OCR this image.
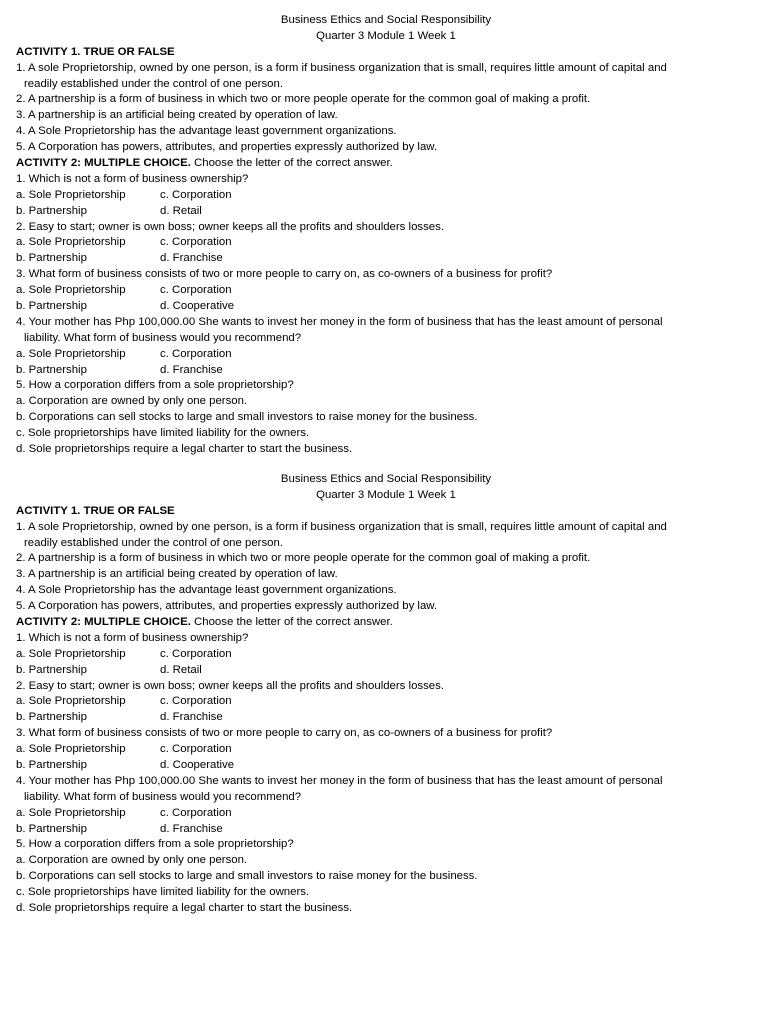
Business Ethics and Social Responsibility
Quarter 3 Module 1 Week 1
ACTIVITY 1. TRUE OR FALSE
1. A sole Proprietorship, owned by one person, is a form if business organization that is small, requires little amount of capital and
readily established under the control of one person.
2. A partnership is a form of business in which two or more people operate for the common goal of making a profit.
3. A partnership is an artificial being created by operation of law.
4. A Sole Proprietorship has the advantage least government organizations.
5. A Corporation has powers, attributes, and properties expressly authorized by law.
ACTIVITY 2: MULTIPLE CHOICE. Choose the letter of the correct answer.
1. Which is not a form of business ownership?
a. Sole Proprietorship	c. Corporation
b. Partnership	d. Retail
2. Easy to start; owner is own boss; owner keeps all the profits and shoulders losses.
a. Sole Proprietorship	c. Corporation
b. Partnership	d. Franchise
3. What form of business consists of two or more people to carry on, as co-owners of a business for profit?
a. Sole Proprietorship	c. Corporation
b. Partnership	d. Cooperative
4. Your mother has Php 100,000.00 She wants to invest her money in the form of business that has the least amount of personal
liability. What form of business would you recommend?
a. Sole Proprietorship	c. Corporation
b. Partnership	d. Franchise
5. How a corporation differs from a sole proprietorship?
a. Corporation are owned by only one person.
b. Corporations can sell stocks to large and small investors to raise money for the business.
c. Sole proprietorships have limited liability for the owners.
d. Sole proprietorships require a legal charter to start the business.
Business Ethics and Social Responsibility
Quarter 3 Module 1 Week 1
ACTIVITY 1. TRUE OR FALSE
1. A sole Proprietorship, owned by one person, is a form if business organization that is small, requires little amount of capital and
readily established under the control of one person.
2. A partnership is a form of business in which two or more people operate for the common goal of making a profit.
3. A partnership is an artificial being created by operation of law.
4. A Sole Proprietorship has the advantage least government organizations.
5. A Corporation has powers, attributes, and properties expressly authorized by law.
ACTIVITY 2: MULTIPLE CHOICE. Choose the letter of the correct answer.
1. Which is not a form of business ownership?
a. Sole Proprietorship	c. Corporation
b. Partnership	d. Retail
2. Easy to start; owner is own boss; owner keeps all the profits and shoulders losses.
a. Sole Proprietorship	c. Corporation
b. Partnership	d. Franchise
3. What form of business consists of two or more people to carry on, as co-owners of a business for profit?
a. Sole Proprietorship	c. Corporation
b. Partnership	d. Cooperative
4. Your mother has Php 100,000.00 She wants to invest her money in the form of business that has the least amount of personal
liability. What form of business would you recommend?
a. Sole Proprietorship	c. Corporation
b. Partnership	d. Franchise
5. How a corporation differs from a sole proprietorship?
a. Corporation are owned by only one person.
b. Corporations can sell stocks to large and small investors to raise money for the business.
c. Sole proprietorships have limited liability for the owners.
d. Sole proprietorships require a legal charter to start the business.
